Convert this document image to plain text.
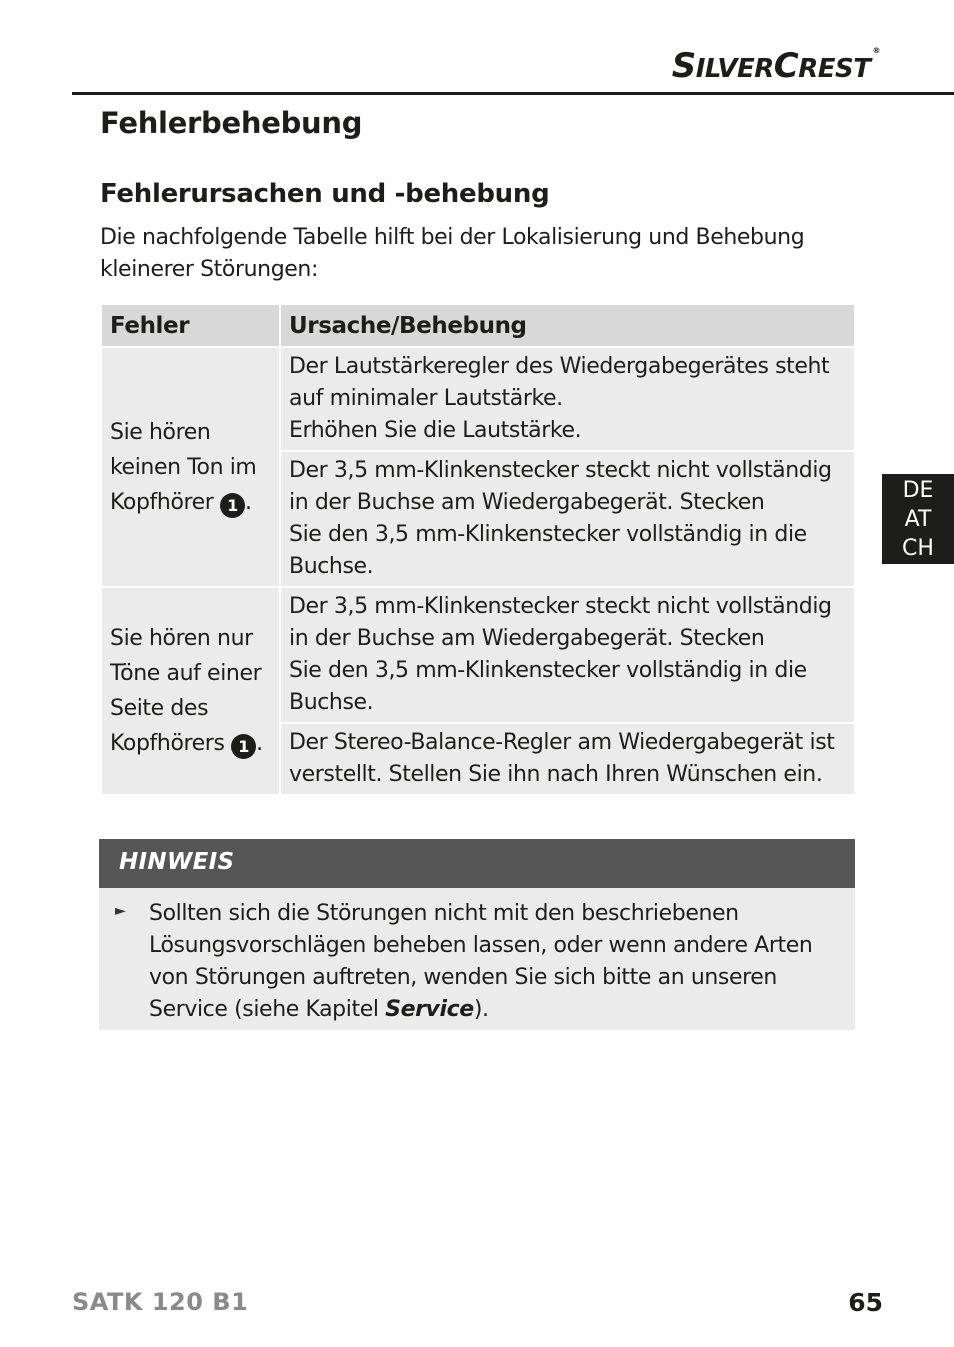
SILVERCREST®
Fehlerbehebung
Fehlerursachen und -behebung

Die nachfolgende Tabelle hilft bei der Lokalisierung und Behebung kleinerer Störungen:

Fehler	Ursache/Behebung
Sie hören keinen Ton im Kopfhörer 1 .	Der Lautstärkeregler des Wiedergabegerätes steht auf minimaler Lautstärke.
Erhöhen Sie die Lautstärke.
	Der 3,5 mm-Klinkenstecker steckt nicht vollständig in der Buchse am Wiedergabegerät. Stecken
Sie den 3,5 mm-Klinkenstecker vollständig in die Buchse.
Sie hören nur Töne auf einer Seite des Kopfhörers 1 .	Der 3,5 mm-Klinkenstecker steckt nicht vollständig in der Buchse am Wiedergabegerät. Stecken
Sie den 3,5 mm-Klinkenstecker vollständig in die Buchse.
	Der Stereo-Balance-Regler am Wiedergabegerät ist verstellt. Stellen Sie ihn nach Ihren Wünschen ein.
HINWEIS
► Sollten sich die Störungen nicht mit den beschriebenen Lösungsvorschlägen beheben lassen, oder wenn andere Arten von Störungen auftreten, wenden Sie sich bitte an unseren Service (siehe Kapitel Service).

DE
AT
CH
SATK 120 B1	65
